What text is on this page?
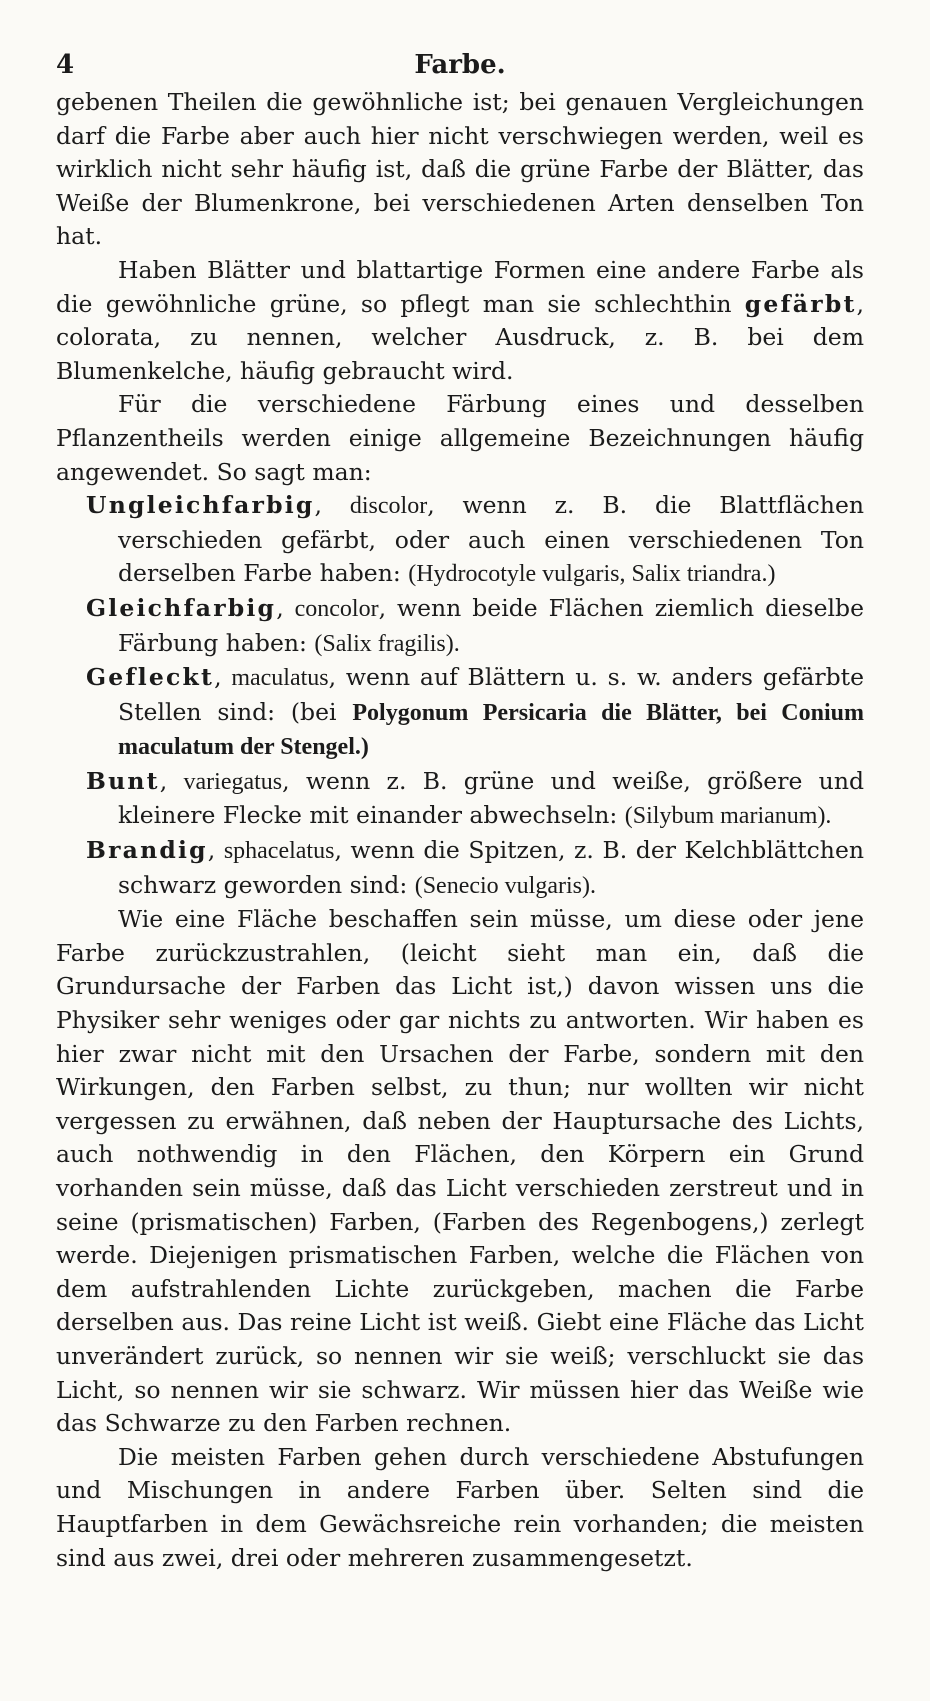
4	Farbe.

gebenen Theilen die gewöhnliche ist; bei genauen Vergleichungen darf die Farbe aber auch hier nicht verschwiegen werden, weil es wirklich nicht sehr häufig ist, daß die grüne Farbe der Blätter, das Weiße der Blumenkrone, bei verschiedenen Arten denselben Ton hat.

Haben Blätter und blattartige Formen eine andere Farbe als die gewöhnliche grüne, so pflegt man sie schlechthin gefärbt, colorata, zu nennen, welcher Ausdruck, z. B. bei dem Blumenkelche, häufig gebraucht wird.

Für die verschiedene Färbung eines und desselben Pflanzentheils werden einige allgemeine Bezeichnungen häufig angewendet. So sagt man:

Ungleichfarbig, discolor, wenn z. B. die Blattflächen verschieden gefärbt, oder auch einen verschiedenen Ton derselben Farbe haben: (Hydrocotyle vulgaris, Salix triandra.)

Gleichfarbig, concolor, wenn beide Flächen ziemlich dieselbe Färbung haben: (Salix fragilis).

Gefleckt, maculatus, wenn auf Blättern u. s. w. anders gefärbte Stellen sind: (bei Polygonum Persicaria die Blätter, bei Conium maculatum der Stengel.)

Bunt, variegatus, wenn z. B. grüne und weiße, größere und kleinere Flecke mit einander abwechseln: (Silybum marianum).

Brandig, sphacelatus, wenn die Spitzen, z. B. der Kelchblättchen schwarz geworden sind: (Senecio vulgaris).

Wie eine Fläche beschaffen sein müsse, um diese oder jene Farbe zurückzustrahlen, (leicht sieht man ein, daß die Grundursache der Farben das Licht ist,) davon wissen uns die Physiker sehr weniges oder gar nichts zu antworten. Wir haben es hier zwar nicht mit den Ursachen der Farbe, sondern mit den Wirkungen, den Farben selbst, zu thun; nur wollten wir nicht vergessen zu erwähnen, daß neben der Hauptursache des Lichts, auch nothwendig in den Flächen, den Körpern ein Grund vorhanden sein müsse, daß das Licht verschieden zerstreut und in seine (prismatischen) Farben, (Farben des Regenbogens,) zerlegt werde. Diejenigen prismatischen Farben, welche die Flächen von dem aufstrahlenden Lichte zurückgeben, machen die Farbe derselben aus. Das reine Licht ist weiß. Giebt eine Fläche das Licht unverändert zurück, so nennen wir sie weiß; verschluckt sie das Licht, so nennen wir sie schwarz. Wir müssen hier das Weiße wie das Schwarze zu den Farben rechnen.

Die meisten Farben gehen durch verschiedene Abstufungen und Mischungen in andere Farben über. Selten sind die Hauptfarben in dem Gewächsreiche rein vorhanden; die meisten sind aus zwei, drei oder mehreren zusammengesetzt.
